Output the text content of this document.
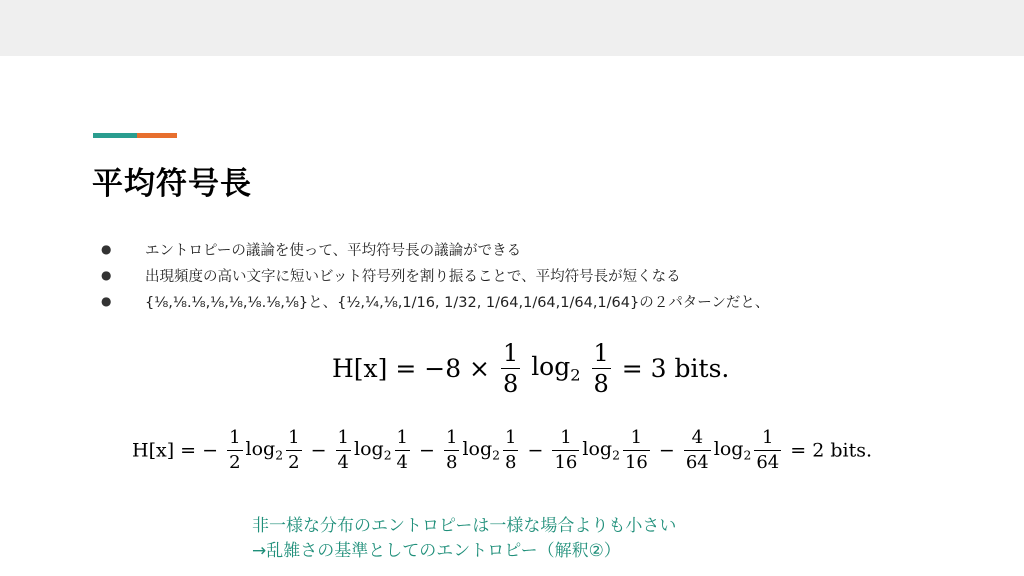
平均符号長
●	エントロピーの議論を使って、平均符号長の議論ができる
●	出現頻度の高い文字に短いビット符号列を割り振ることで、平均符号長が短くなる
●	{⅛,⅛.⅛,⅛,⅛,⅛.⅛,⅛}と、{½,¼,⅛,1/16, 1/32, 1/64,1/64,1/64,1/64}の２パターンだと、
$H[x] = -8 \times \frac{1}{8} \log_2 \frac{1}{8} = 3$ bits.
H[x] = − $\frac{1}{2} \log_2 \frac{1}{2} - \frac{1}{4} \log_2 \frac{1}{4} - \frac{1}{8} \log_2 \frac{1}{8} - \frac{1}{16} \log_2 \frac{1}{16} - \frac{4}{64} \log_2 \frac{1}{64} = 2$ bits.
非一様な分布のエントロピーは一様な場合よりも小さい
→乱雑さの基準としてのエントロピー（解釈②）
